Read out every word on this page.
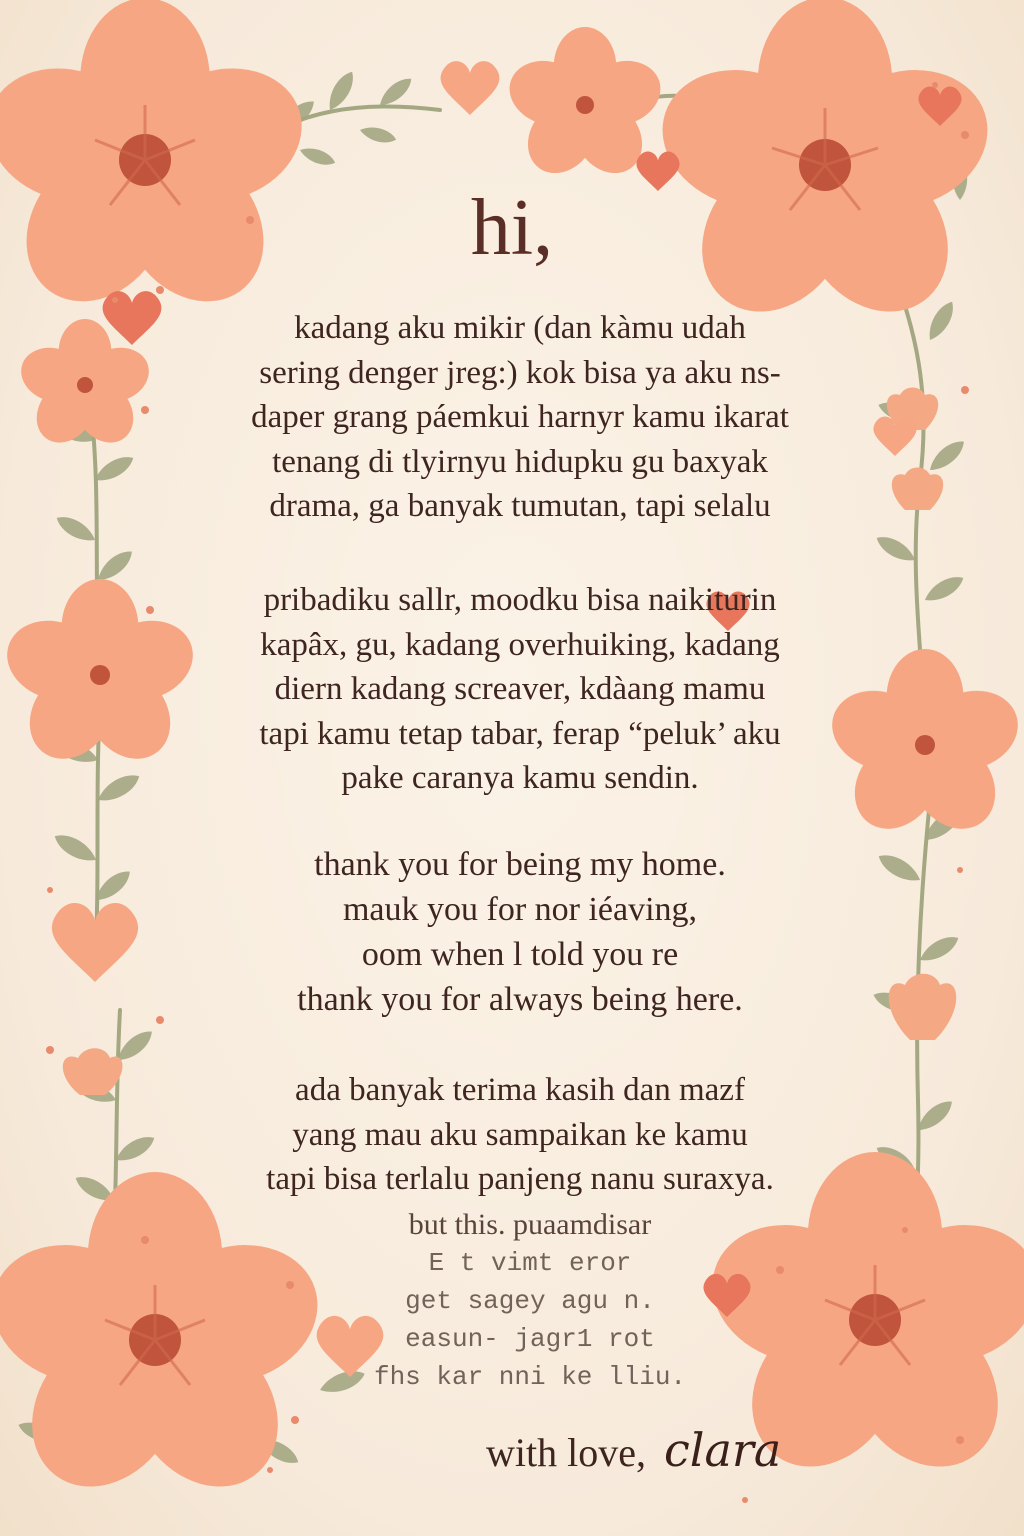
hi,
kadang aku mikir (dan kàmu udah
sering denger jreg:) kok bisa ya aku ns-
daper grang páemkui harnyr kamu ikarat
tenang di tlyirnyu hidupku gu baxyak
drama, ga banyak tumutan, tapi selalu
pribadiku sallr, moodku bisa naikiturin
kapâx, gu, kadang overhuiking, kadang
diern kadang screaver, kdàang mamu
tapi kamu tetap tabar, ferap “peluk’ aku
pake caranya kamu sendin.
thank you for being my home.
mauk you for nor iéaving,
oom when l told you re
thank you for always being here.
ada banyak terima kasih dan mazf
yang mau aku sampaikan ke kamu
tapi bisa terlalu panjeng nanu suraxya.
but this. puaamdisar
E t vimt eror
get sagey agu n.
easun- jagr1 rot
fhs kar nni ke lliu.
with love, clara
